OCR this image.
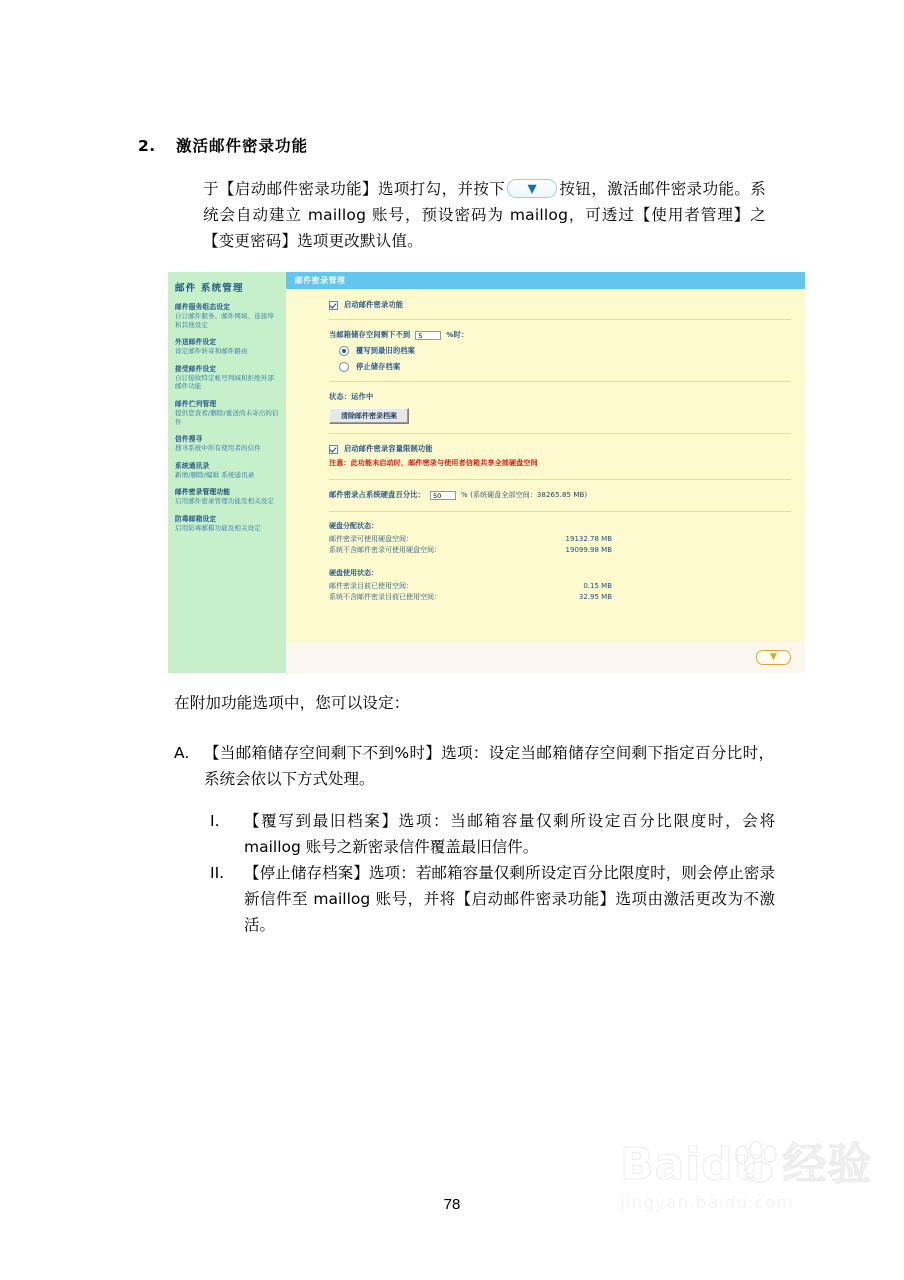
2.	激活邮件密录功能
于【启动邮件密录功能】选项打勾，并按下 ▼ 按钮，激活邮件密录功能。系统会自动建立 maillog 账号，预设密码为 maillog，可透过【使用者管理】之【变更密码】选项更改默认值。
邮件 系统管理
邮件服务组态设定
自订邮件服务、邮件网域、连接埠和其他设定
外送邮件设定
设定邮件转寄和邮件路由
接受邮件设定
自订接收特定帐号列域和拒绝外部邮件功能
邮件伫列管理
提供您查看/删除/重送尚未寄出的信件
信件搜寻
搜寻系统中所有使用者的信件
系统通讯录
新增/删除/编辑 系统通讯录
邮件密录管理功能
启用邮件密录管理功能及相关设定
防毒邮箱设定
启用防毒邮箱功能及相关设定
邮件密录管理
启动邮件密录功能
当邮箱储存空间剩下不到	5	%时：
覆写到最旧的档案
停止储存档案
状态：运作中
清除邮件密录档案
启动邮件密录容量限制功能
注意：此功能未启动时，邮件密录与使用者信箱共享全部硬盘空间
邮件密录占系统硬盘百分比：	50	% (系统硬盘全部空间：38265.85 MB)
硬盘分配状态：
邮件密录可使用硬盘空间：	19132.78 MB
系统不含邮件密录可使用硬盘空间：	19099.98 MB
硬盘使用状态：
邮件密录目前已使用空间：	0.15 MB
系统不含邮件密录目前已使用空间：	32.95 MB
▼
在附加功能选项中，您可以设定：
A. 【当邮箱储存空间剩下不到%时】选项：设定当邮箱储存空间剩下指定百分比时，系统会依以下方式处理。
I.	【覆写到最旧档案】选项：当邮箱容量仅剩所设定百分比限度时，会将 maillog 账号之新密录信件覆盖最旧信件。
II.	【停止储存档案】选项：若邮箱容量仅剩所设定百分比限度时，则会停止密录新信件至 maillog 账号，并将【启动邮件密录功能】选项由激活更改为不激活。
Baidu 经验
jingyan.baidu.com
78
